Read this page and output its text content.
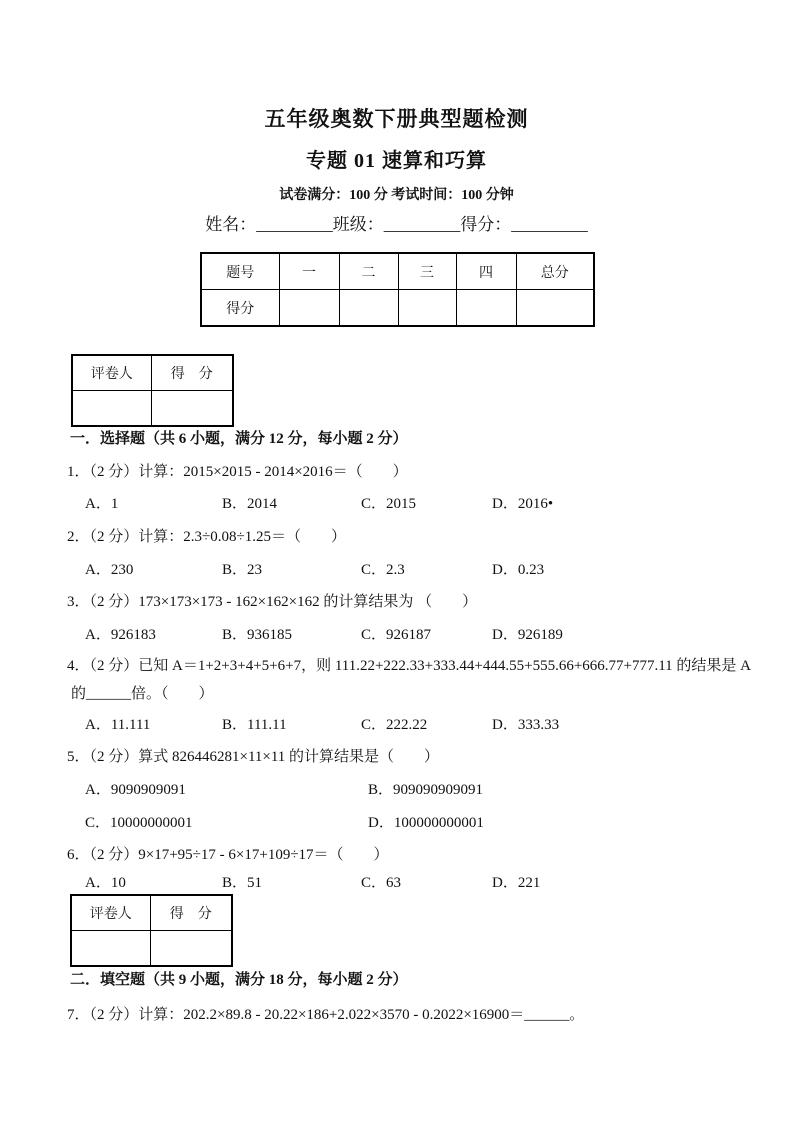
五年级奥数下册典型题检测
专题 01 速算和巧算
试卷满分：100 分 考试时间：100 分钟
姓名：_________班级：_________得分：_________
题号	一	二	三	四	总分
得分					
评卷人	得　分

一．选择题（共 6 小题，满分 12 分，每小题 2 分）
1．（2 分）计算：2015×2015 - 2014×2016＝（　　）
A．1	B．2014	C．2015	D．2016•
2．（2 分）计算：2.3÷0.08÷1.25＝（　　）
A．230	B．23	C．2.3	D．0.23
3．（2 分）173×173×173 - 162×162×162 的计算结果为 （　　）
A．926183	B．936185	C．926187	D．926189
4．（2 分）已知 A＝1+2+3+4+5+6+7，则 111.22+222.33+333.44+444.55+555.66+666.77+777.11 的结果是 A
的______倍。（　　）
A．11.111	B．111.11	C．222.22	D．333.33
5．（2 分）算式 826446281×11×11 的计算结果是（　　）
A．9090909091	B．909090909091
C．10000000001	D．100000000001
6．（2 分）9×17+95÷17 - 6×17+109÷17＝（　　）
A．10	B．51	C．63	D．221
评卷人	得　分

二．填空题（共 9 小题，满分 18 分，每小题 2 分）
7．（2 分）计算：202.2×89.8 - 20.22×186+2.022×3570 - 0.2022×16900＝______。
